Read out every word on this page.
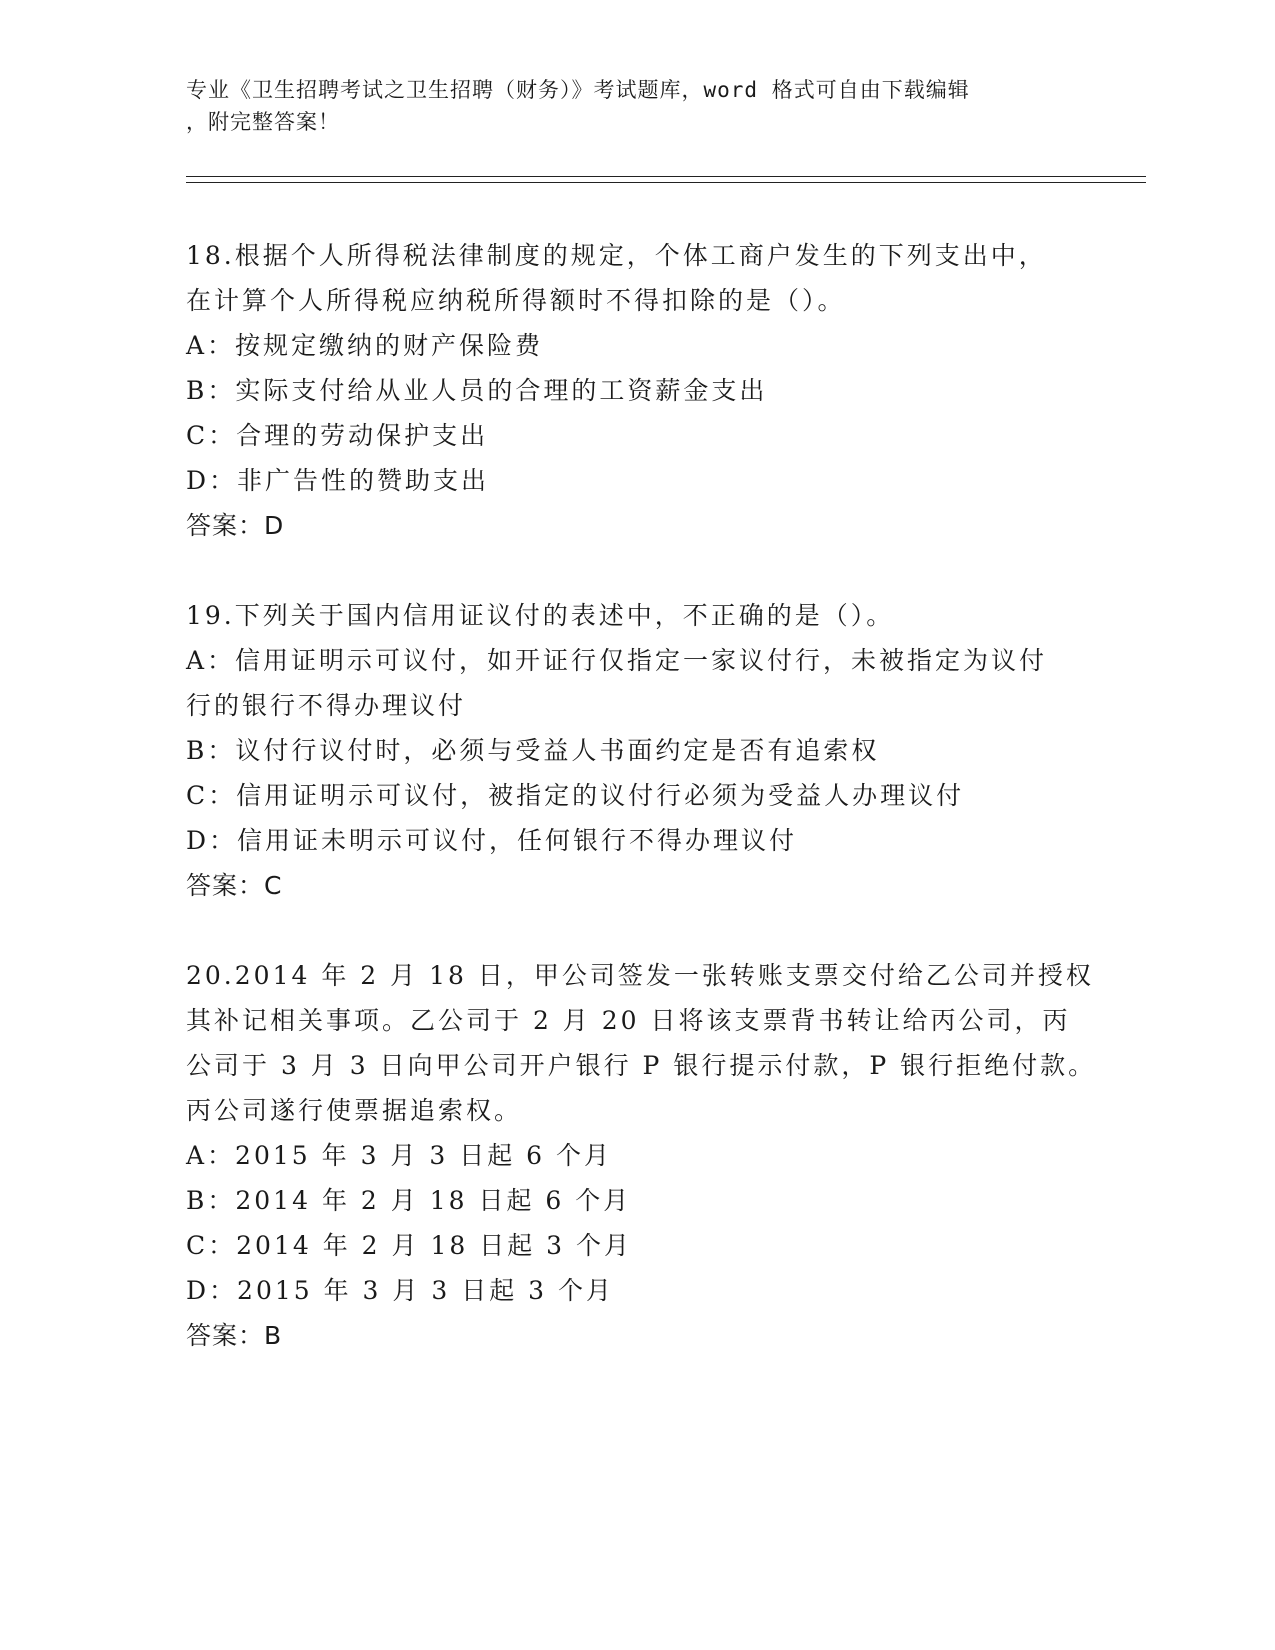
专业《卫生招聘考试之卫生招聘（财务）》考试题库，word 格式可自由下载编辑
，附完整答案！
18.根据个人所得税法律制度的规定，个体工商户发生的下列支出中，
在计算个人所得税应纳税所得额时不得扣除的是（）。
A：按规定缴纳的财产保险费
B：实际支付给从业人员的合理的工资薪金支出
C：合理的劳动保护支出
D：非广告性的赞助支出
答案：D
19.下列关于国内信用证议付的表述中，不正确的是（）。
A：信用证明示可议付，如开证行仅指定一家议付行，未被指定为议付
行的银行不得办理议付
B：议付行议付时，必须与受益人书面约定是否有追索权
C：信用证明示可议付，被指定的议付行必须为受益人办理议付
D：信用证未明示可议付，任何银行不得办理议付
答案：C
20.2014 年 2 月 18 日，甲公司签发一张转账支票交付给乙公司并授权
其补记相关事项。乙公司于 2 月 20 日将该支票背书转让给丙公司，丙
公司于 3 月 3 日向甲公司开户银行 P 银行提示付款，P 银行拒绝付款。
丙公司遂行使票据追索权。
A：2015 年 3 月 3 日起 6 个月
B：2014 年 2 月 18 日起 6 个月
C：2014 年 2 月 18 日起 3 个月
D：2015 年 3 月 3 日起 3 个月
答案：B
